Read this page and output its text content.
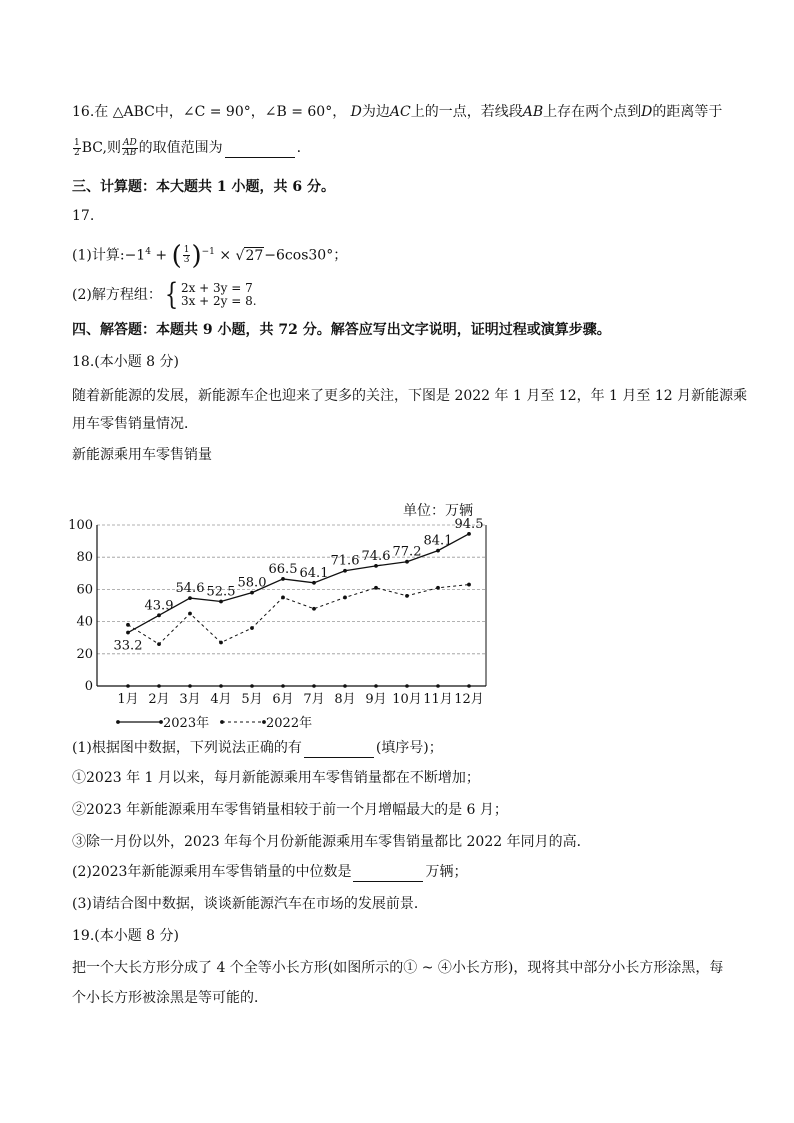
16.在 △ABC中，∠C = 90°，∠B = 60°， D为边AC上的一点，若线段AB上存在两个点到D的距离等于
$\frac{1}{2}$ BC,则 $\frac{AD}{AB}$ 的取值范围为	.
三、计算题：本大题共 1 小题，共 6 分。
17.
(1)计算$:-1^4$ + ( $\frac{1}{3} )^{-1} \times √27-6\cos 30^\circ$；
(2)解方程组：{ 2x + 3y = 7
3x + 2y = 8.
四、解答题：本题共 9 小题，共 72 分。解答应写出文字说明，证明过程或演算步骤。
18.(本小题 8 分)
随着新能源的发展，新能源车企也迎来了更多的关注，下图是 2022 年 1 月至 12，年 1 月至 12 月新能源乘
用车零售销量情况．
新能源乘用车零售销量
0
20
40
60
80
100
1月 2月 3月 4月 5月 6月 7月 8月 9月 10月 11月 12月
单位：万辆
33.2
43.9
54.6 52.5
58.0
66.5 64.1
71.6 74.6 77.2
84.1
94.5
2023年	2022年
(1)根据图中数据，下列说法正确的有	(填序号)；
①2023 年 1 月以来，每月新能源乘用车零售销量都在不断增加；
②2023 年新能源乘用车零售销量相较于前一个月增幅最大的是 6 月；
③除一月份以外，2023 年每个月份新能源乘用车零售销量都比 2022 年同月的高．
(2)2023年新能源乘用车零售销量的中位数是	万辆；
(3)请结合图中数据，谈谈新能源汽车在市场的发展前景．
19.(本小题 8 分)
把一个大长方形分成了 4 个全等小长方形(如图所示的① ~ ④小长方形)，现将其中部分小长方形涂黑，每
个小长方形被涂黑是等可能的．
